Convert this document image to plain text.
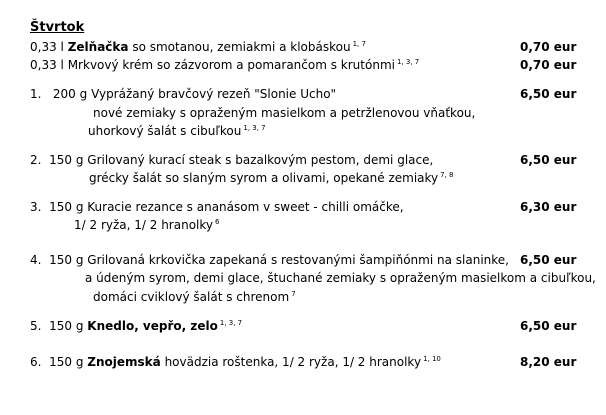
Štvrtok
0,33 l Zelňačka so smotanou, zemiakmi a klobáskou $^{1, 7}$	0,70 eur
0,33 l Mrkvový krém so zázvorom a pomarančom s krutónmi $^{1, 3, 7}$	0,70 eur
1. 200 g Vyprážaný bravčový rezeň "Slonie Ucho"	6,50 eur
nové zemiaky s opraženým masielkom a petržlenovou vňaťkou,
uhorkový šalát s cibuľkou $^{1, 3, 7}$
2. 150 g Grilovaný kurací steak s bazalkovým pestom, demi glace,	6,50 eur
grécky šalát so slaným syrom a olivami, opekané zemiaky $^{7, 8}$
3. 150 g Kuracie rezance s ananásom v sweet - chilli omáčke,	6,30 eur
1/ 2 ryža, 1/ 2 hranolky $^6$
4. 150 g Grilovaná krkovička zapekaná s restovanými šampiňónmi na slaninke, 6,50 eur
a údeným syrom, demi glace, štuchané zemiaky s opraženým masielkom a cibuľkou,
domáci cviklový šalát s chrenom $^7$
5. 150 g Knedlo, vepřo, zelo $^{1, 3, 7}$	6,50 eur
6. 150 g Znojemská hovädzia roštenka, 1/ 2 ryža, 1/ 2 hranolky $^{1, 10}$	8,20 eur
